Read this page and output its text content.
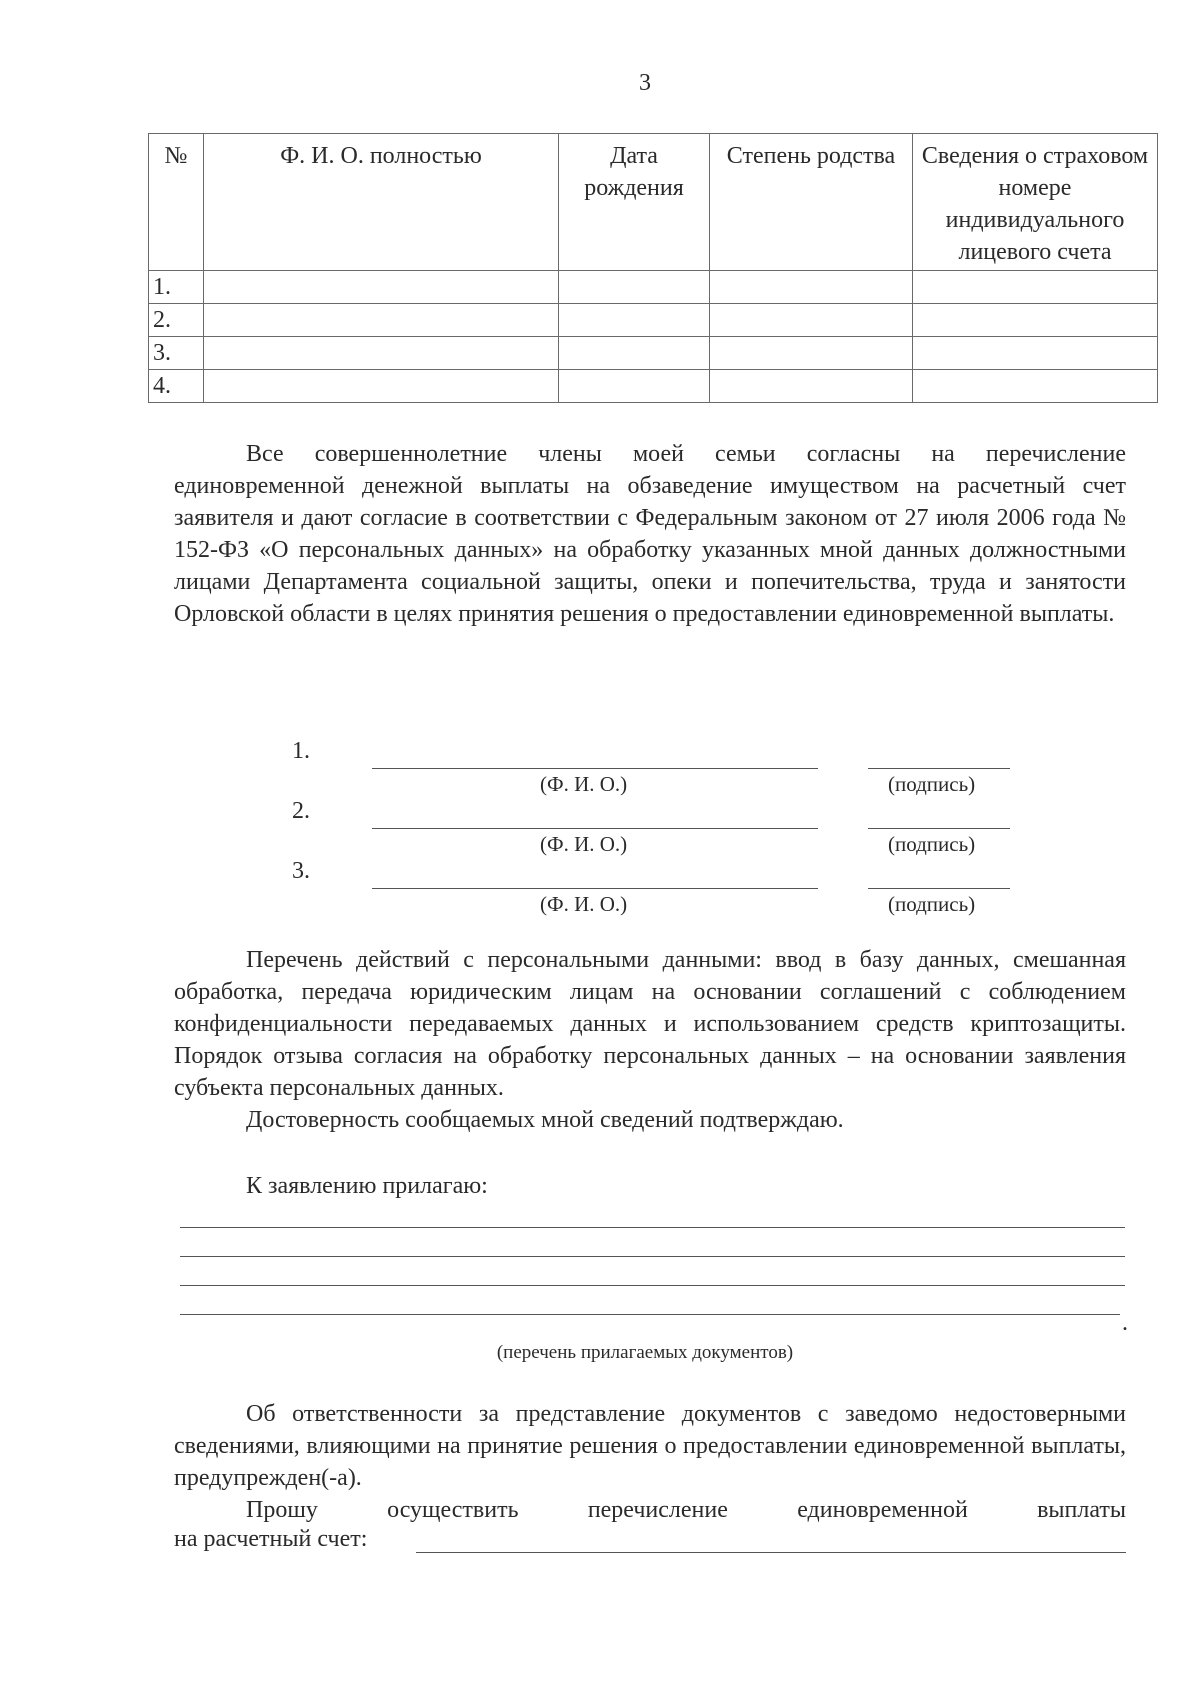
3
№	Ф. И. О. полностью	Дата рождения	Степень родства	Сведения о страховом номере индивидуального лицевого счета
1.				
2.				
3.				
4.				
Все совершеннолетние члены моей семьи согласны на перечисление единовременной денежной выплаты на обзаведение имуществом на расчетный счет заявителя и дают согласие в соответствии с Федеральным законом от 27 июля 2006 года № 152-ФЗ «О персональных данных» на обработку указанных мной данных должностными лицами Департамента социальной защиты, опеки и попечительства, труда и занятости Орловской области в целях принятия решения о предоставлении единовременной выплаты.
1.
(Ф. И. О.)	(подпись)
2.
(Ф. И. О.)	(подпись)
3.
(Ф. И. О.)	(подпись)
Перечень действий с персональными данными: ввод в базу данных, смешанная обработка, передача юридическим лицам на основании соглашений с соблюдением конфиденциальности передаваемых данных и использованием средств криптозащиты. Порядок отзыва согласия на обработку персональных данных – на основании заявления субъекта персональных данных.
Достоверность сообщаемых мной сведений подтверждаю.
К заявлению прилагаю:
.
(перечень прилагаемых документов)
Об ответственности за представление документов с заведомо недостоверными сведениями, влияющими на принятие решения о предоставлении единовременной выплаты, предупрежден(-а).
Прошу осуществить перечисление единовременной выплаты
на расчетный счет:
